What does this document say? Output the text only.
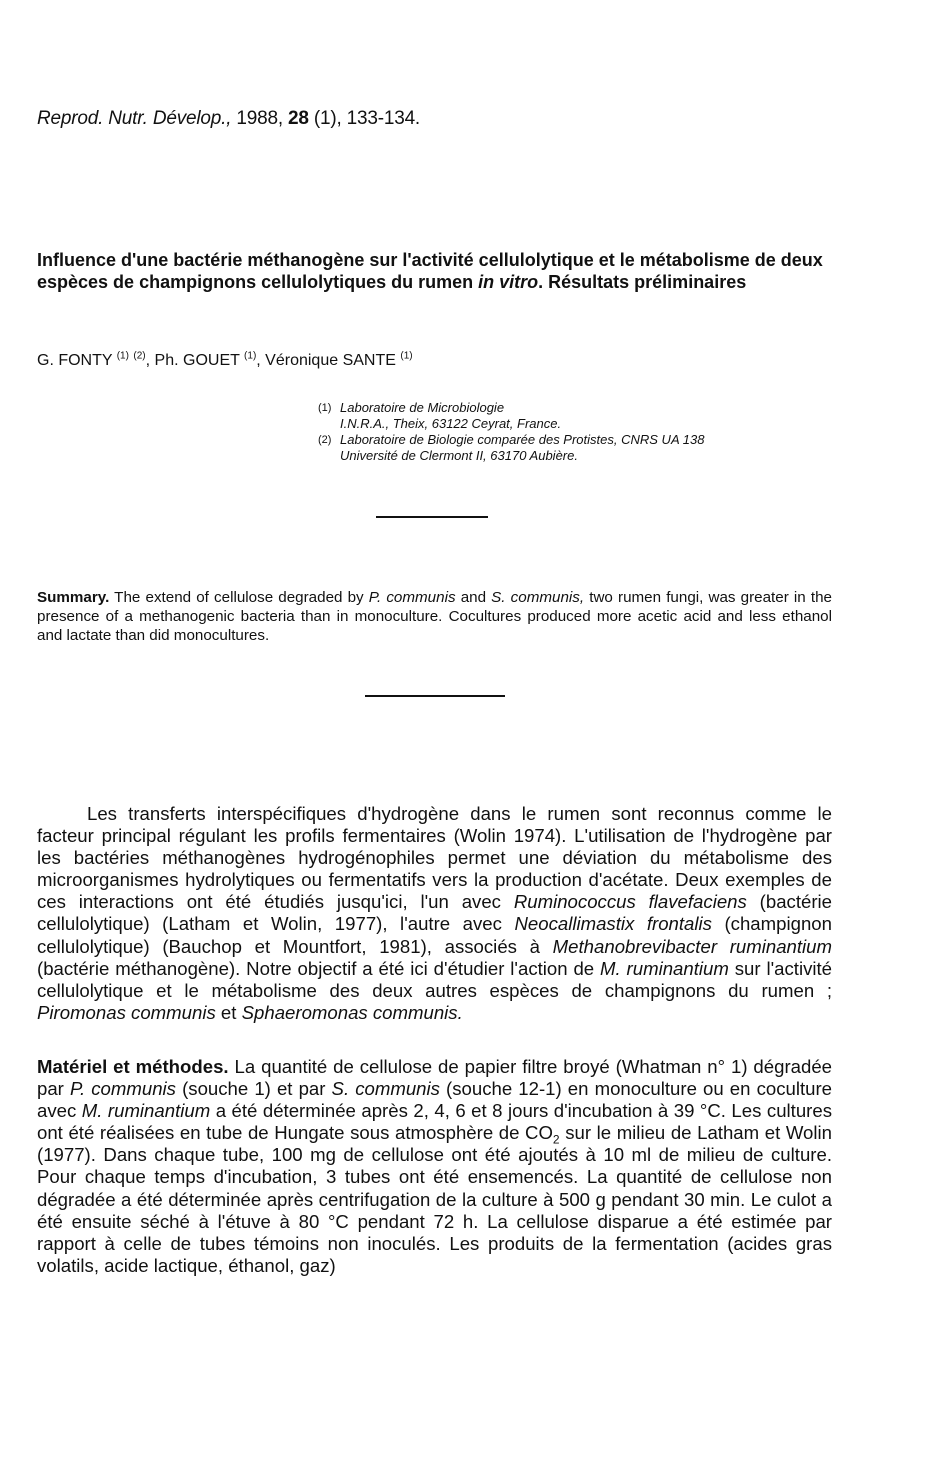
Reprod. Nutr. Dévelop., 1988, 28 (1), 133-134.
Influence d'une bactérie méthanogène sur l'activité cellulolytique et le métabolisme de deux espèces de champignons cellulolytiques du rumen in vitro. Résultats préliminaires
G. FONTY $^{(1)}$ $^{(2)}$, Ph. GOUET $^{(1)}$, Véronique SANTE $^{(1)}$
(1) Laboratoire de Microbiologie
I.N.R.A., Theix, 63122 Ceyrat, France.
(2) Laboratoire de Biologie comparée des Protistes, CNRS UA 138
Université de Clermont II, 63170 Aubière.

Summary. The extend of cellulose degraded by P. communis and S. communis, two rumen fungi, was greater in the presence of a methanogenic bacteria than in monoculture. Cocultures produced more acetic acid and less ethanol and lactate than did monocultures.

Les transferts interspécifiques d'hydrogène dans le rumen sont reconnus comme le facteur principal régulant les profils fermentaires (Wolin 1974). L'utilisation de l'hydrogène par les bactéries méthanogènes hydrogénophiles permet une déviation du métabolisme des microorganismes hydrolytiques ou fermentatifs vers la production d'acétate. Deux exemples de ces interactions ont été étudiés jusqu'ici, l'un avec Ruminococcus flavefaciens (bactérie cellulolytique) (Latham et Wolin, 1977), l'autre avec Neocallimastix frontalis (champignon cellulolytique) (Bauchop et Mountfort, 1981), associés à Methanobrevibacter ruminantium (bactérie méthanogène). Notre objectif a été ici d'étudier l'action de M. ruminantium sur l'activité cellulolytique et le métabolisme des deux autres espèces de champignons du rumen ; Piromonas communis et Sphaeromonas communis.

Matériel et méthodes. La quantité de cellulose de papier filtre broyé (Whatman n° 1) dégradée par P. communis (souche 1) et par S. communis (souche 12-1) en monoculture ou en coculture avec M. ruminantium a été déterminée après 2, 4, 6 et 8 jours d'incubation à 39 °C. Les cultures ont été réalisées en tube de Hungate sous atmosphère de $CO_2$ sur le milieu de Latham et Wolin (1977). Dans chaque tube, 100 mg de cellulose ont été ajoutés à 10 ml de milieu de culture. Pour chaque temps d'incubation, 3 tubes ont été ensemencés. La quantité de cellulose non dégradée a été déterminée après centrifugation de la culture à 500 g pendant 30 min. Le culot a été ensuite séché à l'étuve à 80 °C pendant 72 h. La cellulose disparue a été estimée par rapport à celle de tubes témoins non inoculés. Les produits de la fermentation (acides gras volatils, acide lactique, éthanol, gaz)
